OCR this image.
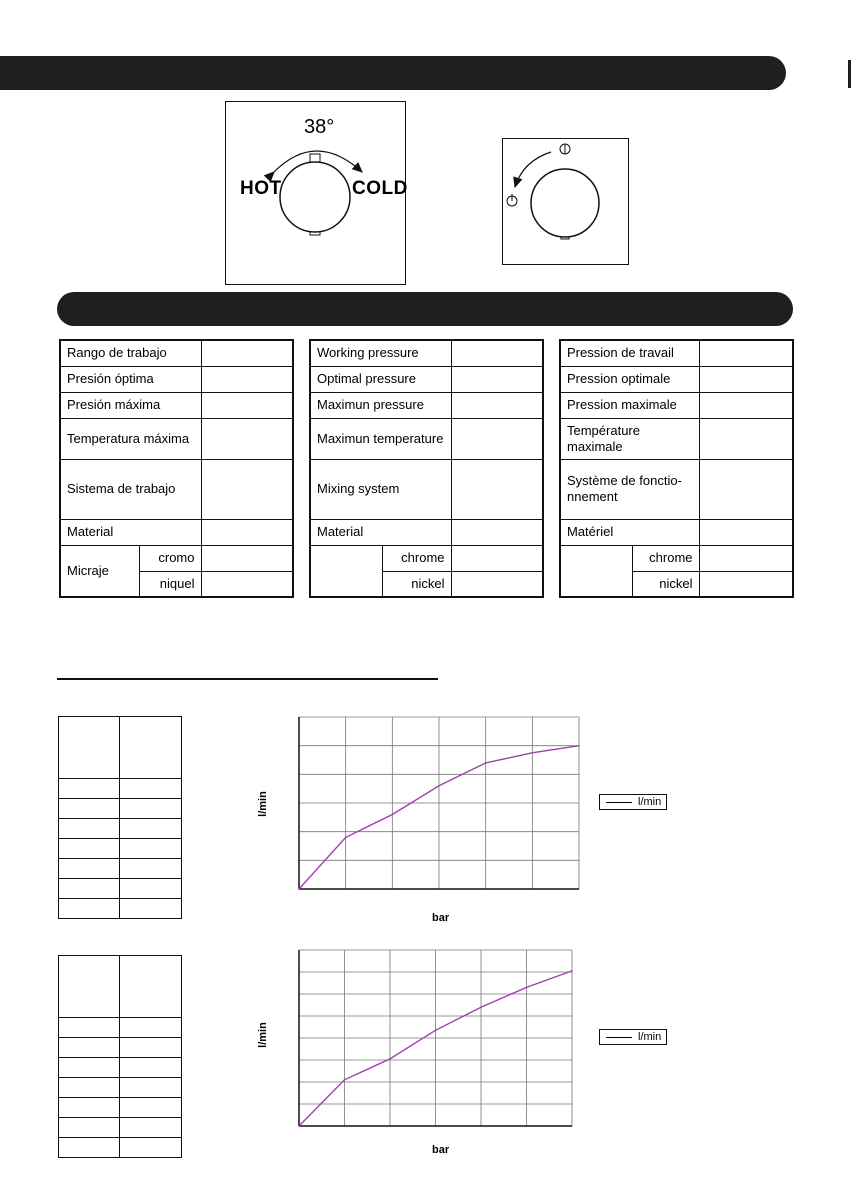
38°
HOT	COLD
Rango de trabajo		
Presión óptima		
Presión máxima		
Temperatura máxima		
Sistema de trabajo		
Material		
Micraje	cromo	
	niquel	
Working pressure		
Optimal pressure		
Maximun pressure		
Maximun temperature		
Mixing system		
Material		
	chrome	
	nickel	
Pression de travail		
Pression optimale		
Pression maximale		
Température maximale		
Système de fonctio- nnement		
Matériel		
	chrome	
	nickel	

l/min
bar
l/min
l/min
bar
l/min
